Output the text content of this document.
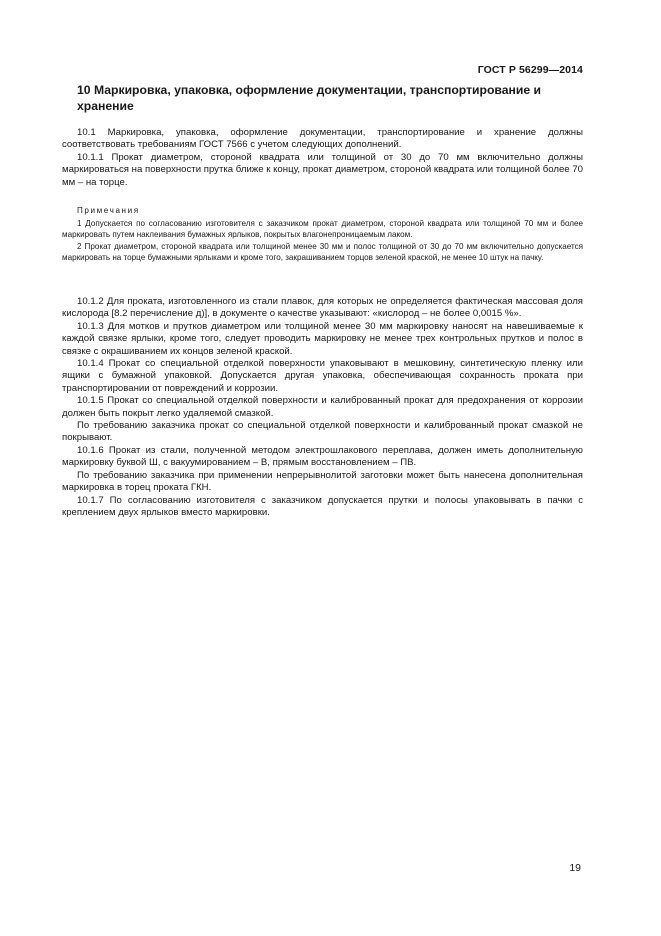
ГОСТ Р 56299—2014
10 Маркировка, упаковка, оформление документации, транспортирование и хранение

10.1 Маркировка, упаковка, оформление документации, транспортирование и хранение должны соответствовать требованиям ГОСТ 7566 с учетом следующих дополнений.

10.1.1 Прокат диаметром, стороной квадрата или толщиной от 30 до 70 мм включительно должны маркироваться на поверхности прутка ближе к концу, прокат диаметром, стороной квадрата или толщиной более 70 мм – на торце.

Примечания

1 Допускается по согласованию изготовителя с заказчиком прокат диаметром, стороной квадрата или толщиной 70 мм и более маркировать путем наклеивания бумажных ярлыков, покрытых влагонепроницаемым лаком.

2 Прокат диаметром, стороной квадрата или толщиной менее 30 мм и полос толщиной от 30 до 70 мм включительно допускается маркировать на торце бумажными ярлыками и кроме того, закрашиванием торцов зеленой краской, не менее 10 штук на пачку.

10.1.2 Для проката, изготовленного из стали плавок, для которых не определяется фактическая массовая доля кислорода [8.2 перечисление д)], в документе о качестве указывают: «кислород – не более 0,0015 %».

10.1.3 Для мотков и прутков диаметром или толщиной менее 30 мм маркировку наносят на навешиваемые к каждой связке ярлыки, кроме того, следует проводить маркировку не менее трех контрольных прутков и полос в связке с окрашиванием их концов зеленой краской.

10.1.4 Прокат со специальной отделкой поверхности упаковывают в мешковину, синтетическую пленку или ящики с бумажной упаковкой. Допускается другая упаковка, обеспечивающая сохранность проката при транспортировании от повреждений и коррозии.

10.1.5 Прокат со специальной отделкой поверхности и калиброванный прокат для предохранения от коррозии должен быть покрыт легко удаляемой смазкой.

По требованию заказчика прокат со специальной отделкой поверхности и калиброванный прокат смазкой не покрывают.

10.1.6 Прокат из стали, полученной методом электрошлакового переплава, должен иметь дополнительную маркировку буквой Ш, с вакуумированием – В, прямым восстановлением – ПВ.

По требованию заказчика при применении непрерывнолитой заготовки может быть нанесена дополнительная маркировка в торец проката ГКН.

10.1.7 По согласованию изготовителя с заказчиком допускается прутки и полосы упаковывать в пачки с креплением двух ярлыков вместо маркировки.

19
